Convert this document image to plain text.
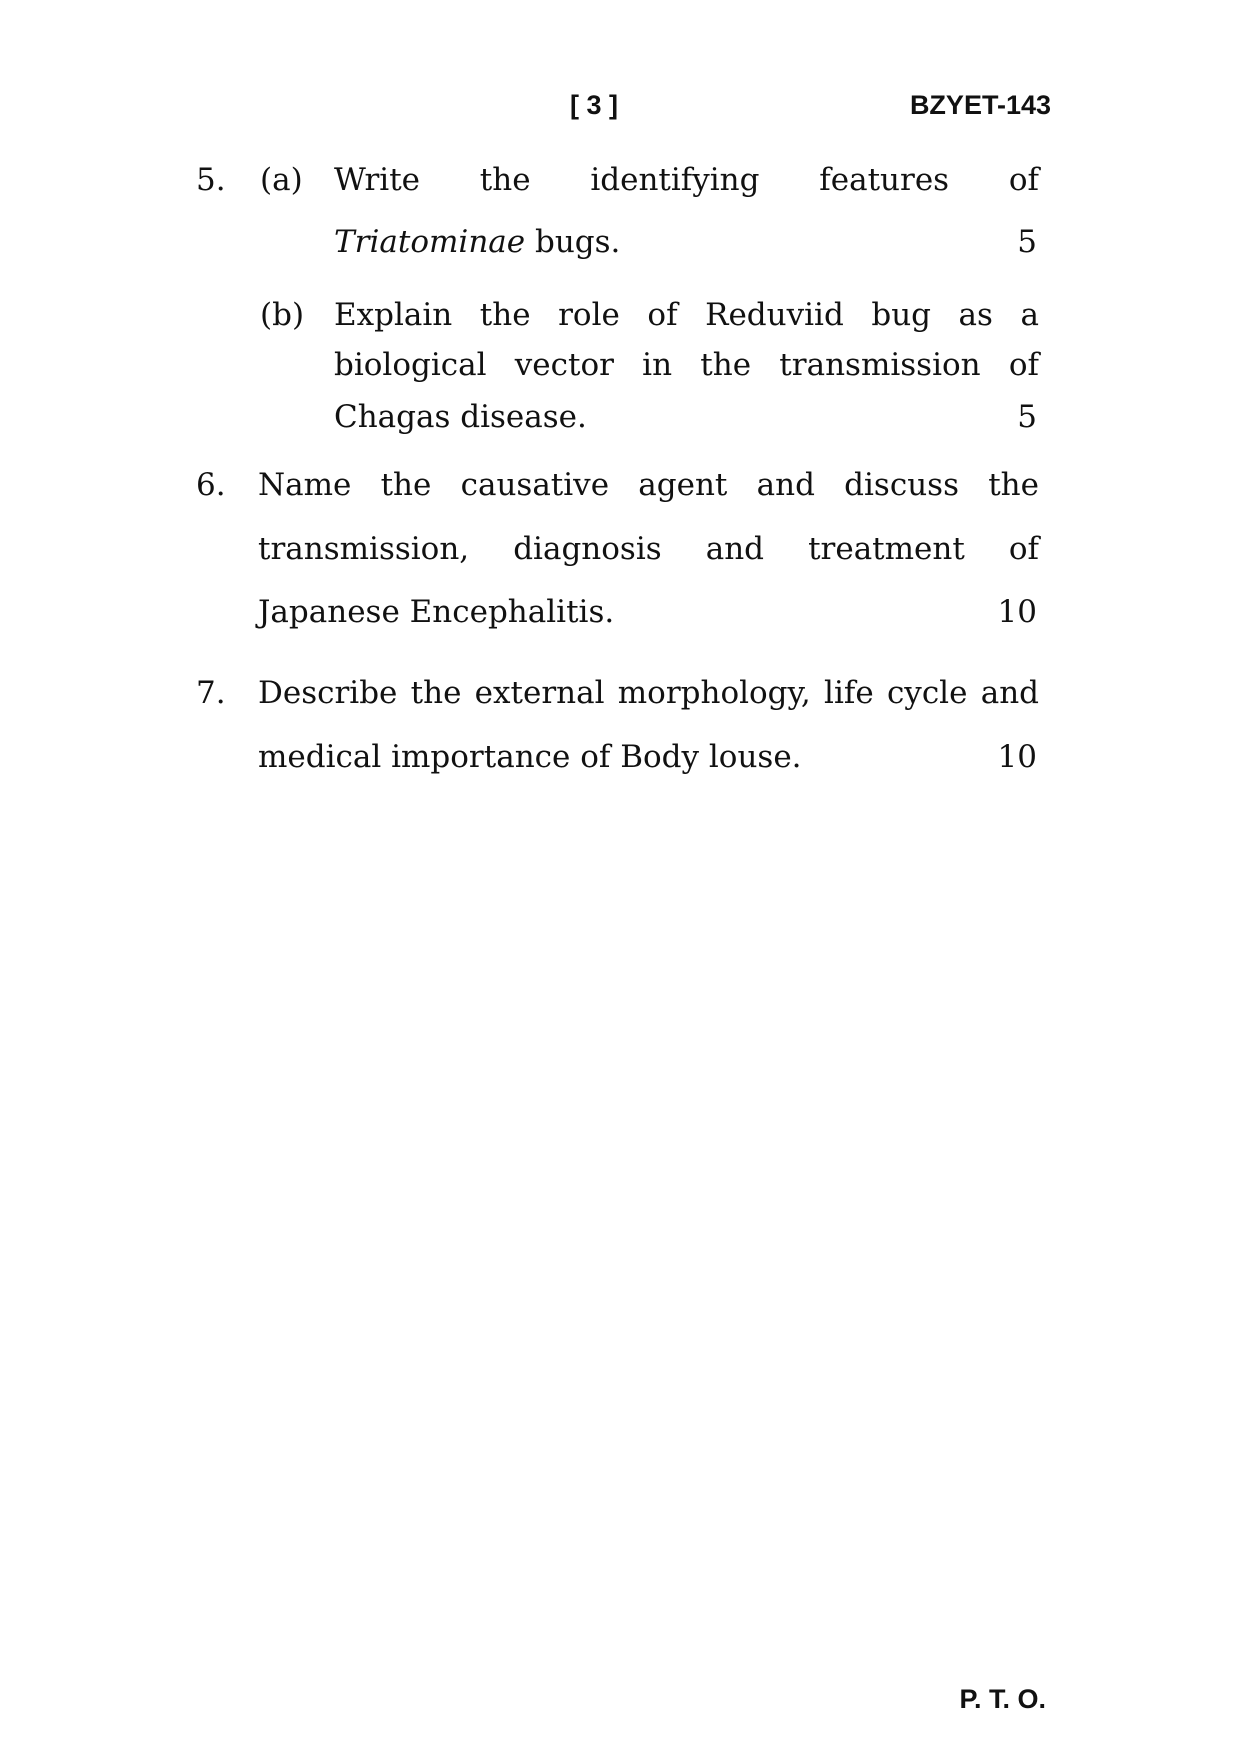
[ 3 ]	BZYET-143
5. (a) Write the identifying features of
Triatominae bugs.	5
(b) Explain the role of Reduviid bug as a
biological vector in the transmission of
Chagas disease.	5
6. Name the causative agent and discuss the
transmission, diagnosis and treatment of
Japanese Encephalitis.	10
7. Describe the external morphology, life cycle and
medical importance of Body louse.	10
P. T. O.
